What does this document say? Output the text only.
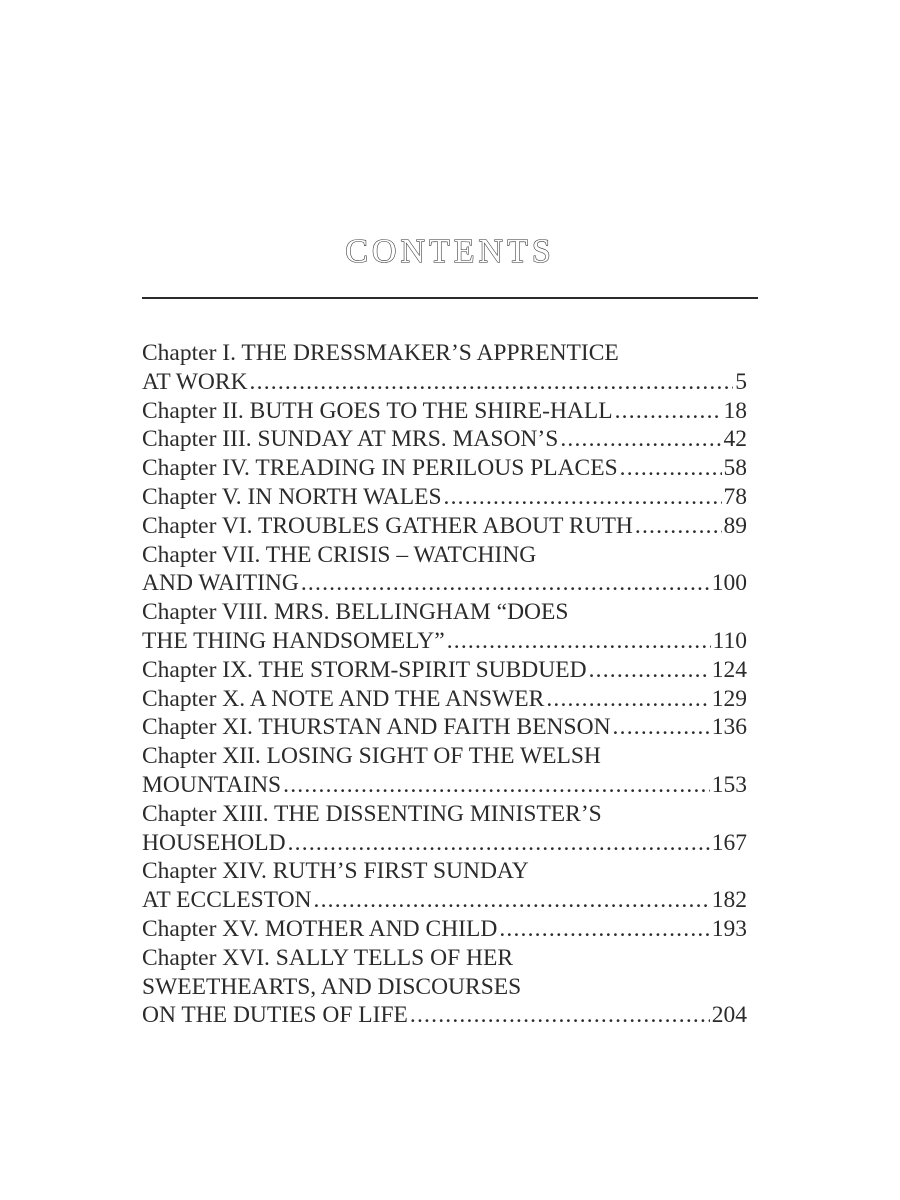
CONTENTS
Chapter I. THE DRESSMAKER’S APPRENTICE
AT WORK .....	5
Chapter II. BUTH GOES TO THE SHIRE-HALL .....	18
Chapter III. SUNDAY AT MRS. MASON’S .....	42
Chapter IV. TREADING IN PERILOUS PLACES .....	58
Chapter V. IN NORTH WALES .....	78
Chapter VI. TROUBLES GATHER ABOUT RUTH .....	89
Chapter VII. THE CRISIS – WATCHING
AND WAITING .....	100
Chapter VIII. MRS. BELLINGHAM “DOES
THE THING HANDSOMELY” .....	110
Chapter IX. THE STORM-SPIRIT SUBDUED .....	124
Chapter X. A NOTE AND THE ANSWER .....	129
Chapter XI. THURSTAN AND FAITH BENSON .....	136
Chapter XII. LOSING SIGHT OF THE WELSH
MOUNTAINS .....	153
Chapter XIII. THE DISSENTING MINISTER’S
HOUSEHOLD .....	167
Chapter XIV. RUTH’S FIRST SUNDAY
AT ECCLESTON .....	182
Chapter XV. MOTHER AND CHILD .....	193
Chapter XVI. SALLY TELLS OF HER
SWEETHEARTS, AND DISCOURSES
ON THE DUTIES OF LIFE .....	204
